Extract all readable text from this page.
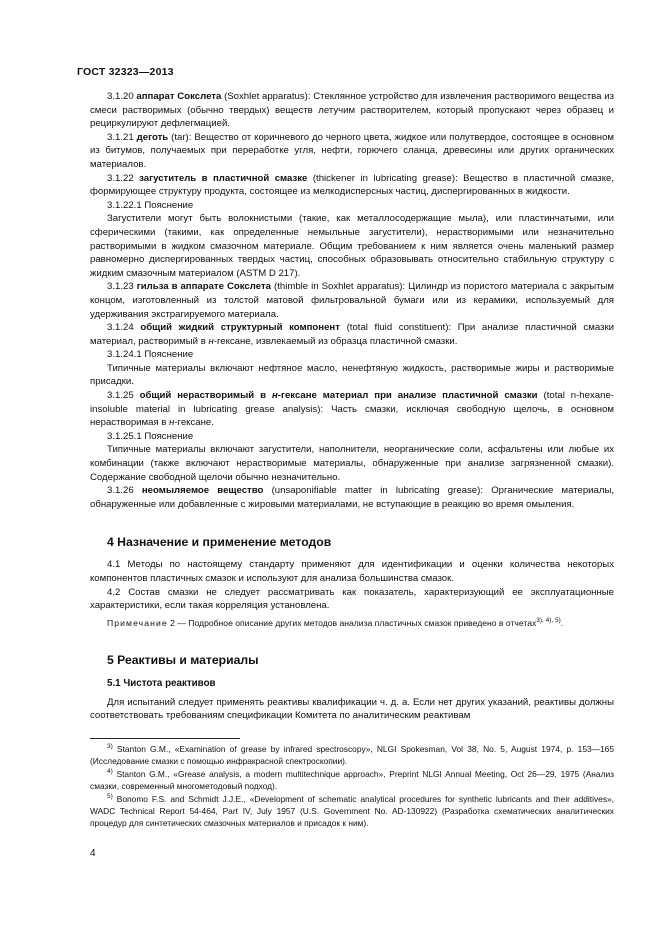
ГОСТ 32323—2013

3.1.20 аппарат Сокслета (Soxhlet apparatus): Стеклянное устройство для извлечения растворимого вещества из смеси растворимых (обычно твердых) веществ летучим растворителем, который пропускают через образец и рециркулируют дефлегмацией.

3.1.21 деготь (tar): Вещество от коричневого до черного цвета, жидкое или полутвердое, состоящее в основном из битумов, получаемых при переработке угля, нефти, горючего сланца, древесины или других органических материалов.

3.1.22 загуститель в пластичной смазке (thickener in lubricating grease): Вещество в пластичной смазке, формирующее структуру продукта, состоящее из мелкодисперсных частиц, диспергированных в жидкости.

3.1.22.1 Пояснение

Загустители могут быть волокнистыми (такие, как металлосодержащие мыла), или пластинчатыми, или сферическими (такими, как определенные немыльные загустители), нерастворимыми или незначительно растворимыми в жидком смазочном материале. Общим требованием к ним является очень маленький размер равномерно диспергированных твердых частиц, способных образовывать относительно стабильную структуру с жидким смазочным материалом (ASTM D 217).

3.1.23 гильза в аппарате Сокслета (thimble in Soxhlet apparatus): Цилиндр из пористого материала с закрытым концом, изготовленный из толстой матовой фильтровальной бумаги или из керамики, используемый для удерживания экстрагируемого материала.

3.1.24 общий жидкий структурный компонент (total fluid constituent): При анализе пластичной смазки материал, растворимый в н-гексане, извлекаемый из образца пластичной смазки.

3.1.24.1 Пояснение

Типичные материалы включают нефтяное масло, ненефтяную жидкость, растворимые жиры и растворимые присадки.

3.1.25 общий нерастворимый в н-гексане материал при анализе пластичной смазки (total n-hexane-insoluble material in lubricating grease analysis): Часть смазки, исключая свободную щелочь, в основном нерастворимая в н-гексане.

3.1.25.1 Пояснение

Типичные материалы включают загустители, наполнители, неорганические соли, асфальтены или любые их комбинации (также включают нерастворимые материалы, обнаруженные при анализе загрязненной смазки). Содержание свободной щелочи обычно незначительно.

3.1.26 неомыляемое вещество (unsaponifiable matter in lubricating grease): Органические материалы, обнаруженные или добавленные с жировыми материалами, не вступающие в реакцию во время омыления.

4 Назначение и применение методов

4.1 Методы по настоящему стандарту применяют для идентификации и оценки количества некоторых компонентов пластичных смазок и используют для анализа большинства смазок.

4.2 Состав смазки не следует рассматривать как показатель, характеризующий ее эксплуатационные характеристики, если такая корреляция установлена.

Примечание 2 — Подробное описание других методов анализа пластичных смазок приведено в отчетах$^{3), 4), 5)}$.

5 Реактивы и материалы
5.1 Чистота реактивов

Для испытаний следует применять реактивы квалификации ч. д. а. Если нет других указаний, реактивы должны соответствовать требованиям спецификации Комитета по аналитическим реактивам

$^{3)}$ Stanton G.M., «Examination of grease by infrared spectroscopy», NLGI Spokesman, Vol 38, No. 5, August 1974, p. 153—165 (Исследование смазки с помощью инфракрасной спектроскопии).

$^{4)}$ Stanton G.M., «Grease analysis, a modern multitechnique approach», Preprint NLGI Annual Meeting, Oct 26—29, 1975 (Анализ смазки, современный многометодовый подход).

$^{5)}$ Bonomo F.S. and Schmidt J.J.E., «Development of schematic analytical procedures for synthetic lubricants and their additives», WADC Technical Report 54-464, Part IV, July 1957 (U.S. Government No. AD-130922) (Разработка схематических аналитических процедур для синтетических смазочных материалов и присадок к ним).

4
